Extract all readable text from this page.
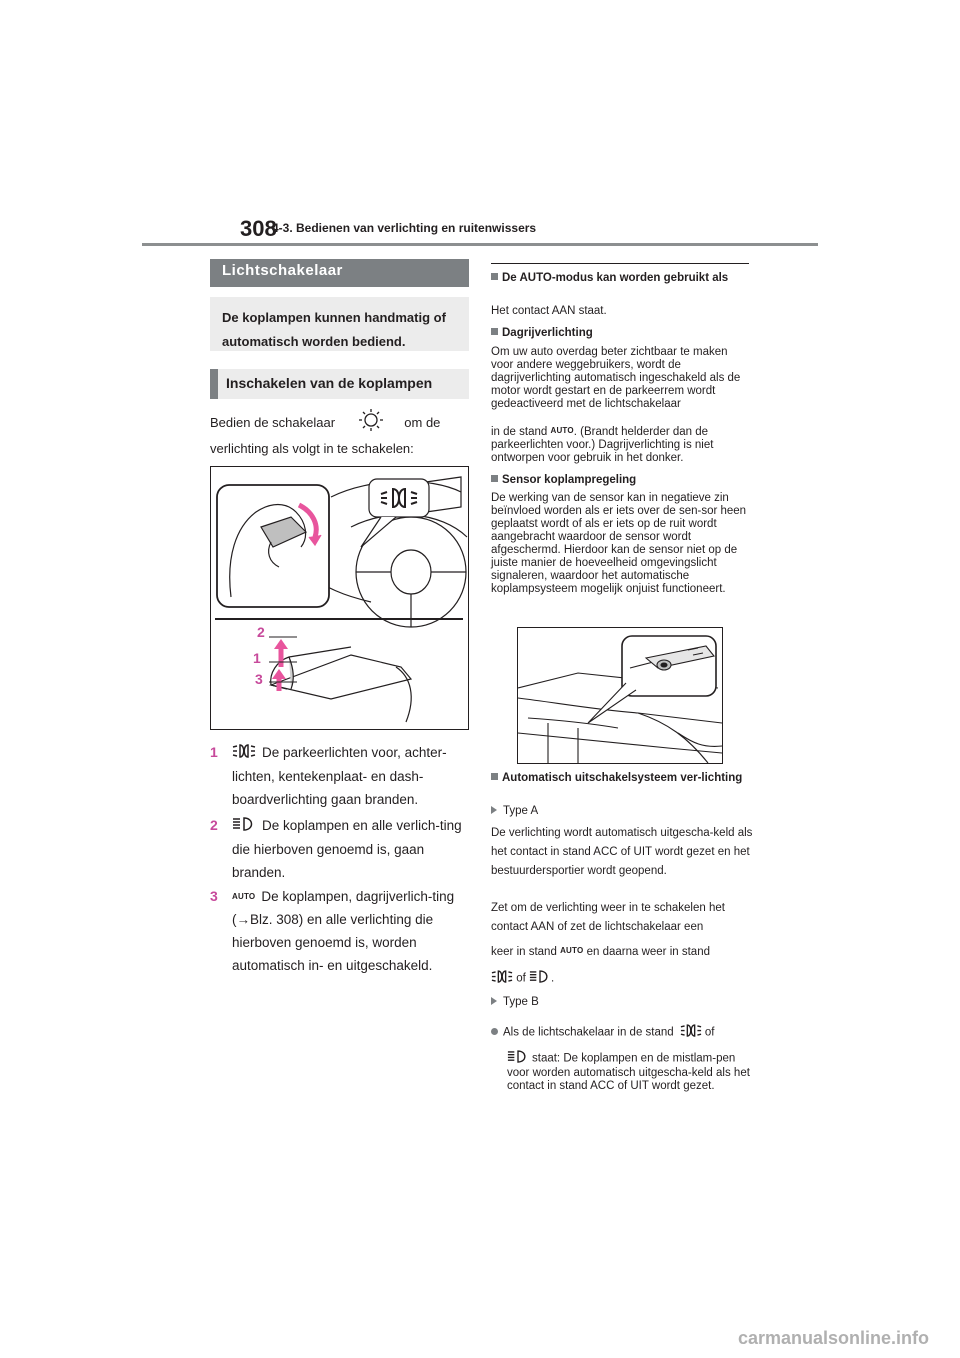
308
4-3. Bedienen van verlichting en ruitenwissers
Lichtschakelaar
De koplampen kunnen handmatig of automatisch worden bediend.
Inschakelen van de koplampen
Bedien de schakelaar	om de verlichting als volgt in te schakelen:
2
1
3
1	De parkeerlichten voor, achter-lichten, kentekenplaat- en dash-boardverlichting gaan branden.
2	De koplampen en alle verlich-ting die hierboven genoemd is, gaan branden.
3 AUTO De koplampen, dagrijverlich-ting (→Blz. 308) en alle verlichting die hierboven genoemd is, worden automatisch in- en uitgeschakeld.
De AUTO-modus kan worden gebruikt als
Het contact AAN staat.
Dagrijverlichting
Om uw auto overdag beter zichtbaar te maken voor andere weggebruikers, wordt de dagrijverlichting automatisch ingeschakeld als de motor wordt gestart en de parkeerrem wordt gedeactiveerd met de lichtschakelaar
in de stand AUTO. (Brandt helderder dan de parkeerlichten voor.) Dagrijverlichting is niet ontworpen voor gebruik in het donker.
Sensor koplampregeling
De werking van de sensor kan in negatieve zin beïnvloed worden als er iets over de sen-sor heen geplaatst wordt of als er iets op de ruit wordt aangebracht waardoor de sensor wordt afgeschermd. Hierdoor kan de sensor niet op de juiste manier de hoeveelheid omgevingslicht signaleren, waardoor het automatische koplampsysteem mogelijk onjuist functioneert.
Automatisch uitschakelsysteem ver-lichting
Type A
De verlichting wordt automatisch uitgescha-keld als het contact in stand ACC of UIT wordt gezet en het bestuurdersportier wordt geopend.
Zet om de verlichting weer in te schakelen het contact AAN of zet de lichtschakelaar een
keer in stand AUTO en daarna weer in stand
of .
Type B
Als de lichtschakelaar in de stand	of
staat: De koplampen en de mistlam-pen voor worden automatisch uitgescha-keld als het contact in stand ACC of UIT wordt gezet.
carmanualsonline.info
